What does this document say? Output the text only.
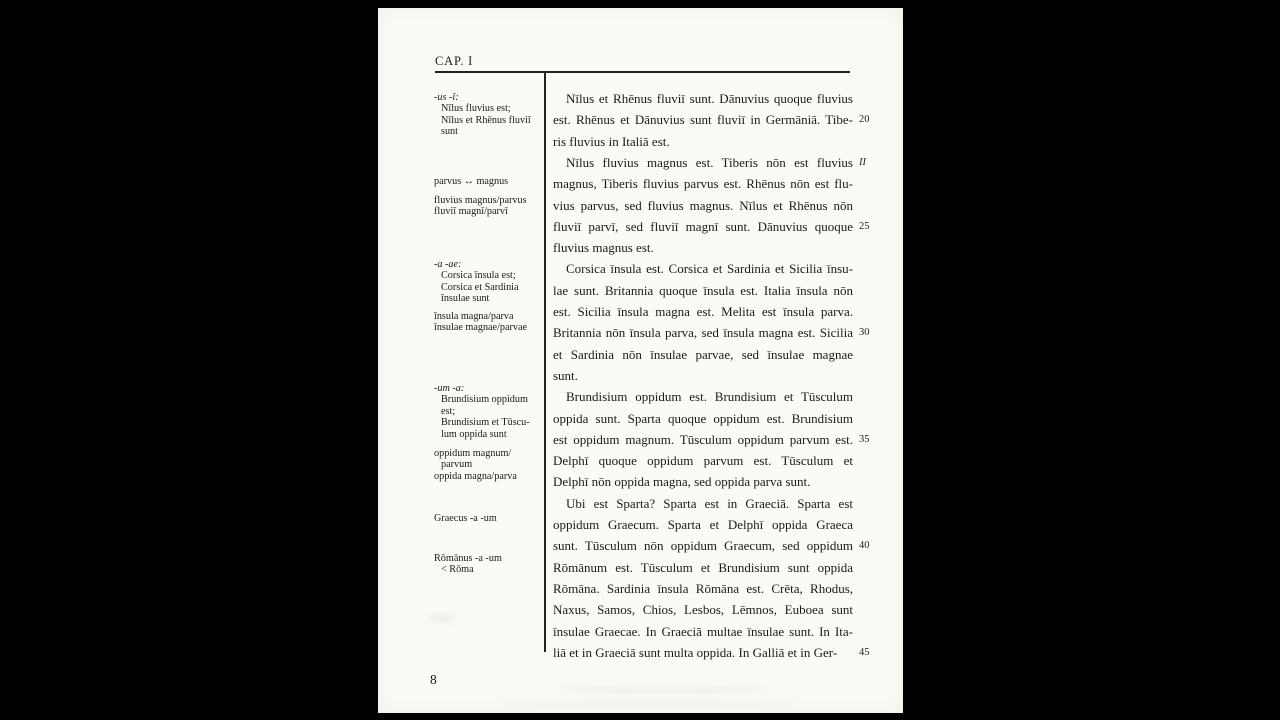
CAP. I
-us -ī:
Nīlus fluvius est;
Nīlus et Rhēnus fluviī
sunt
parvus ↔ magnus
fluvius magnus/parvus
fluviī magnī/parvī
-a -ae:
Corsica īnsula est;
Corsica et Sardinia
īnsulae sunt
īnsula magna/parva
īnsulae magnae/parvae
-um -a:
Brundisium oppidum
est;
Brundisium et Tūscu-
lum oppida sunt
oppidum magnum/
parvum
oppida magna/parva
Graecus -a -um
Rōmānus -a -um
< Rōma
Nīlus et Rhēnus fluviī sunt. Dānuvius quoque fluvius
est. Rhēnus et Dānuvius sunt fluviī in Germāniā. Tibe-
ris fluvius in Italiā est.
Nīlus fluvius magnus est. Tiberis nōn est fluvius
magnus, Tiberis fluvius parvus est. Rhēnus nōn est flu-
vius parvus, sed fluvius magnus. Nīlus et Rhēnus nōn
fluviī parvī, sed fluviī magnī sunt. Dānuvius quoque
fluvius magnus est.
Corsica īnsula est. Corsica et Sardinia et Sicilia īnsu-
lae sunt. Britannia quoque īnsula est. Italia īnsula nōn
est. Sicilia īnsula magna est. Melita est īnsula parva.
Britannia nōn īnsula parva, sed īnsula magna est. Sicilia
et Sardinia nōn īnsulae parvae, sed īnsulae magnae
sunt.
Brundisium oppidum est. Brundisium et Tūsculum
oppida sunt. Sparta quoque oppidum est. Brundisium
est oppidum magnum. Tūsculum oppidum parvum est.
Delphī quoque oppidum parvum est. Tūsculum et
Delphī nōn oppida magna, sed oppida parva sunt.
Ubi est Sparta? Sparta est in Graeciā. Sparta est
oppidum Graecum. Sparta et Delphī oppida Graeca
sunt. Tūsculum nōn oppidum Graecum, sed oppidum
Rōmānum est. Tūsculum et Brundisium sunt oppida
Rōmāna. Sardinia īnsula Rōmāna est. Crēta, Rhodus,
Naxus, Samos, Chios, Lesbos, Lēmnos, Euboea sunt
īnsulae Graecae. In Graeciā multae īnsulae sunt. In Ita-
liā et in Graeciā sunt multa oppida. In Galliā et in Ger-
8
20
II
25
30
35
40
45
